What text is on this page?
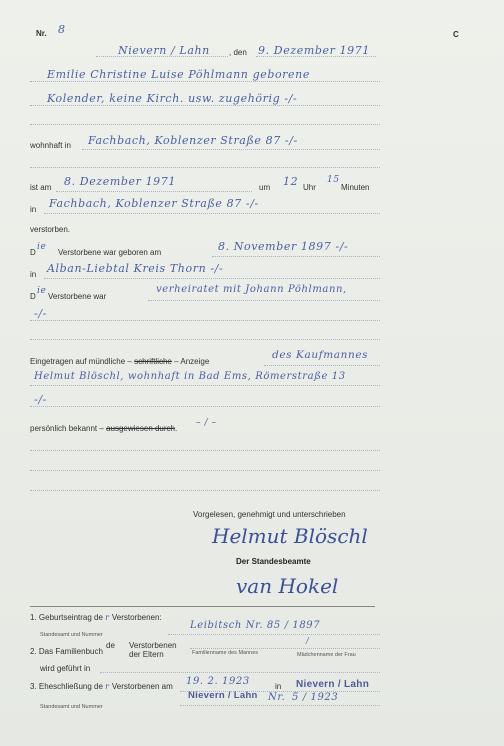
Nr. 8	C
Nievern / Lahn , den 9. Dezember 1971
Emilie Christine Luise Pöhlmann geborene
Kolender, keine Kirch. usw. zugehörig -/-
wohnhaft in Fachbach, Koblenzer Straße 87 -/-
ist am 8. Dezember 1971	um 12 Uhr
15
Minuten
in Fachbach, Koblenzer Straße 87 -/-
verstorben.
D
ie
Verstorbene war geboren am	8. November 1897 -/-
in Alban-Liebtal Kreis Thorn -/-
D
ie
Verstorbene war
verheiratet mit Johann Pöhlmann,
-/-
Eingetragen auf mündliche – schriftliche – Anzeige
des Kaufmannes
Helmut Blöschl, wohnhaft in Bad Ems, Römerstraße 13
-/-
persönlich bekannt – ausgewiesen durch.
– / –
Vorgelesen, genehmigt und unterschrieben
Helmut Blöschl
Der Standesbeamte
van Hokel
1. Geburtseintrag de r Verstorbenen:
Leibitsch Nr. 85 / 1897
Standesamt und Nummer
2. Das Familienbuch
de Verstorbenen
der Eltern	Familienname des Mannes	Mädchenname der Frau
/
wird geführt in
3. Eheschließung de r Verstorbenen am 19. 2. 1923	in Nievern / Lahn
Nievern / Lahn Nr. 5 / 1923
Standesamt und Nummer
